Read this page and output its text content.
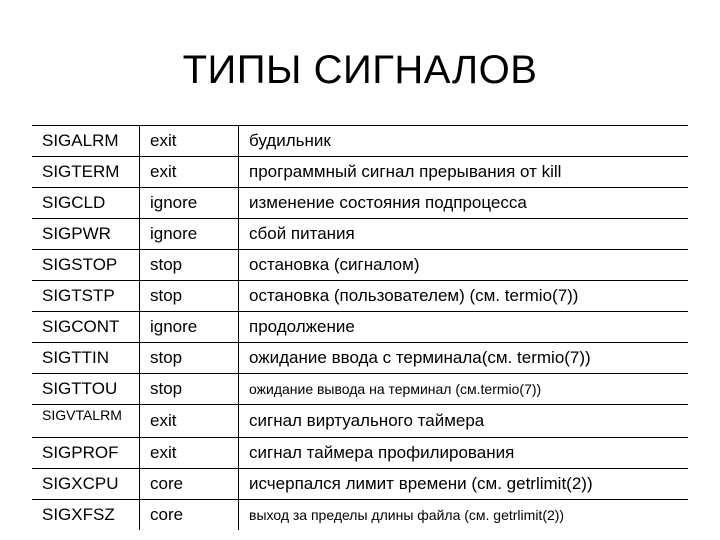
ТИПЫ СИГНАЛОВ
SIGALRM	exit	будильник
SIGTERM	exit	программный сигнал прерывания от kill
SIGCLD	ignore	изменение состояния подпроцесса
SIGPWR	ignore	сбой питания
SIGSTOP	stop	остановка (сигналом)
SIGTSTP	stop	остановка (пользователем) (см. termio(7))
SIGCONT	ignore	продолжение
SIGTTIN	stop	ожидание ввода с терминала(см. termio(7))
SIGTTOU	stop	ожидание вывода на терминал (см.termio(7))
SIGVTALRM	exit	сигнал виртуального таймера
SIGPROF	exit	сигнал таймера профилирования
SIGXCPU	core	исчерпался лимит времени (см. getrlimit(2))
SIGXFSZ	core	выход за пределы длины файла (см. getrlimit(2))
